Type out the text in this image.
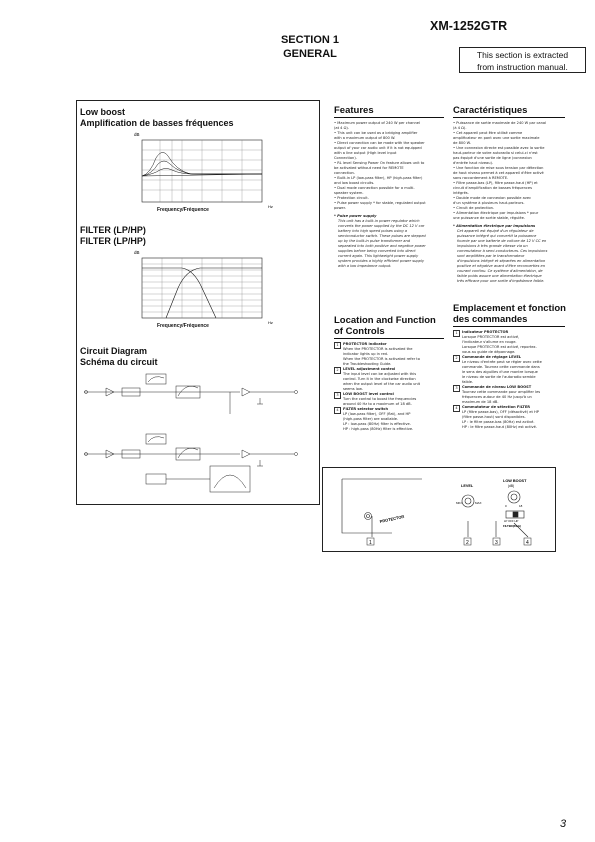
XM-1252GTR
SECTION 1
GENERAL	This section is extracted
from instruction manual.
Low boost
Amplification de basses fréquences
dB
Hz
Frequency/Fréquence
FILTER (LP/HP)
FILTER (LP/HP)
dB
Hz
Frequency/Fréquence
Circuit Diagram
Schéma du circuit
Features
• Maximum power output of 240 W per channel
(at 4 Ω).
• This unit can be used as a bridging amplifier
with a maximum output of 800 W.
• Direct connection can be made with the speaker
output of your car audio unit if it is not equipped
with a line output (High level input
Connection).
• RL level Sensing Power On feature allows unit to
be activated without need for REMOTE
connection.
• Built-in LP (low-pass filter), HP (high-pass filter)
and low boost circuits.
• Dual mode connection possible for a multi-
speaker system.
• Protection circuit.
• Pulse power supply * for stable, regulated output
power.
* Pulse power supply
This unit has a built-in power regulator which
converts the power supplied by the DC 12 V car
battery into high speed pulses using a
semiconductor switch. These pulses are stepped
up by the built-in pulse transformer and
separated into both positive and negative power
supplies before being converted into direct
current again. This lightweight power supply
system provides a highly efficient power supply
with a low impedance output.
Location and Function
of Controls
1	PROTECTOR indicator
When the PROTECTOR is activated the
indicator lights up in red.
When the PROTECTOR is activated refer to
the Troubleshooting Guide.
2	LEVEL adjustment control
The input level can be adjusted with this
control. Turn it in the clockwise direction
when the output level of the car audio unit
seems low.
3	LOW BOOST level control
Turn the control to boost the frequencies
around 40 Hz to a maximum of 18 dB.
4	FILTER selector switch
LP (low-pass filter), OFF (flat), and HP
(high-pass filter) are available.
LP : low-pass (80Hz) filter is effective.
HP : high-pass (80Hz) filter is effective.
Caractéristiques
• Puissance de sortie maximale de 240 W par canal
(à 4 Ω).
• Cet appareil peut être utilisé comme
amplificateur en pont avec une sortie maximale
de 800 W.
• Une connexion directe est possible avec la sortie
haut-parleur de votre autoradio si celui-ci n'est
pas équipé d'une sortie de ligne (connexion
d'entrée haut niveau).
• Une fonction de mise sous tension par détection
de haut niveau permet à cet appareil d'être activé
sans raccordement à REMOTE.
• Filtre passe-bas (LP), filtre passe-haut (HP) et
circuit d'amplification de basses fréquences
intégrés.
• Double mode de connexion possible avec
d'un système à plusieurs haut-parleurs.
• Circuit de protection.
• Alimentation électrique par impulsions * pour
une puissance de sortie stable, régulée.
* Alimentation électrique par impulsions
Cet appareil est équipé d'un régulateur de
puissance intégré qui convertit la puissance
fournie par une batterie de voiture de 12 V CC en
impulsions à très grande vitesse via un
commutateur à semi-conducteurs. Ces impulsions
sont amplifiées par le transformateur
d'impulsions intégré et séparées en alimentation
positive et négative avant d'être reconverties en
courant continu. Ce système d'alimentation, de
faible poids assure une alimentation électrique
très efficace pour une sortie d'impédance faible.
Emplacement et fonction
des commandes
1	Indicateur PROTECTOR
Lorsque PROTECTOR est activé,
l'indicateur s'allume en rouge.
Lorsque PROTECTOR est activé, reportez-
vous au guide de dépannage.
2	Commande de réglage LEVEL
Le niveau d'entrée peut se régler avec cette
commande. Tournez cette commande dans
le sens des aiguilles d'une montre lorsque
le niveau de sortie de l'autoradio semble
faible.
3	Commande de niveau LOW BOOST
Tournez cette commande pour amplifier les
fréquences autour de 40 Hz jusqu'à un
maximum de 18 dB.
4	Commutateur de sélection FILTER
LP (filtre passe-bas), OFF (désactivé) et HP
(filtre passe-haut) sont disponibles.
LP : le filtre passe-bas (80Hz) est activé.
HP : le filtre passe-haut (80Hz) est activé.
PROTECTOR
LEVEL
MIN	MAX
LOW BOOST
(dB)
0	18
LP OFF HP
FILTER(80Hz)
1	2	3	4
3
